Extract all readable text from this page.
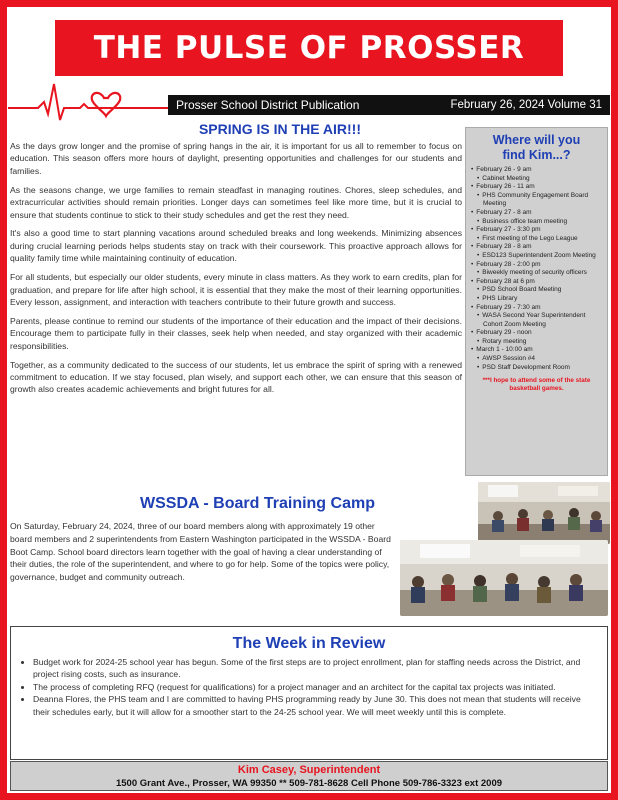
THE PULSE OF PROSSER
Prosser School District Publication	February 26, 2024 Volume 31
SPRING IS IN THE AIR!!!

As the days grow longer and the promise of spring hangs in the air, it is important for us all to remember to focus on education. This season offers more hours of daylight, presenting opportunities and challenges for our students and families.

As the seasons change, we urge families to remain steadfast in managing routines. Chores, sleep schedules, and extracurricular activities should remain priorities. Longer days can sometimes feel like more time, but it is crucial to ensure that students continue to stick to their study schedules and get the rest they need.

It's also a good time to start planning vacations around scheduled breaks and long weekends. Minimizing absences during crucial learning periods helps students stay on track with their coursework. This proactive approach allows for quality family time while maintaining continuity of education.

For all students, but especially our older students, every minute in class matters. As they work to earn credits, plan for graduation, and prepare for life after high school, it is essential that they make the most of their learning opportunities. Every lesson, assignment, and interaction with teachers contribute to their future growth and success.

Parents, please continue to remind our students of the importance of their education and the impact of their decisions. Encourage them to participate fully in their classes, seek help when needed, and stay organized with their academic responsibilities.

Together, as a community dedicated to the success of our students, let us embrace the spirit of spring with a renewed commitment to education. If we stay focused, plan wisely, and support each other, we can ensure that this season of growth also creates academic achievements and bright futures for all.

Where will you
find Kim...?
• February 26 - 9 am
• Cabinet Meeting
• February 26 - 11 am
• PHS Community Engagement Board Meeting
• February 27 - 8 am
• Business office team meeting
• February 27 - 3:30 pm
• First meeting of the Lego League
• February 28 - 8 am
• ESD123 Superintendent Zoom Meeting
• February 28 - 2:00 pm
• Biweekly meeting of security officers
• February 28 at 6 pm
• PSD School Board Meeting
• PHS Library
• February 29 - 7:30 am
• WASA Second Year Superintendent Cohort Zoom Meeting
• February 29 - noon
• Rotary meeting
• March 1 - 10:00 am
• AWSP Session #4
• PSD Staff Development Room
***I hope to attend some of the state basketball games.
WSSDA - Board Training Camp
On Saturday, February 24, 2024, three of our board members along with approximately 19 other board members and 2 superintendents from Eastern Washington participated in the WSSDA - Board Boot Camp. School board directors learn together with the goal of having a clear understanding of their duties, the role of the superintendent, and where to go for help. Some of the topics were policy, governance, budget and community outreach.
The Week in Review
• Budget work for 2024-25 school year has begun. Some of the first steps are to project enrollment, plan for staffing needs across the District, and project rising costs, such as insurance.
• The process of completing RFQ (request for qualifications) for a project manager and an architect for the capital tax projects was initiated.
• Deanna Flores, the PHS team and I are committed to having PHS programming ready by June 30. This does not mean that students will receive their schedules early, but it will allow for a smoother start to the 24-25 school year. We will meet weekly until this is complete.
Kim Casey, Superintendent
1500 Grant Ave., Prosser, WA 99350 ** 509-781-8628 Cell Phone 509-786-3323 ext 2009
